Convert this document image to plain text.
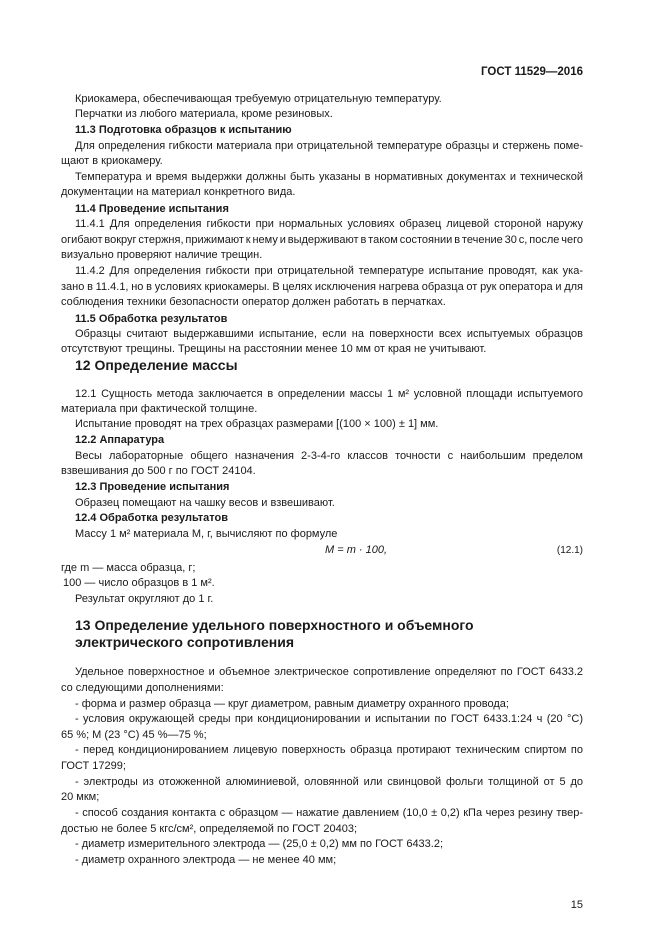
ГОСТ 11529—2016
Криокамера, обеспечивающая требуемую отрицательную температуру.
Перчатки из любого материала, кроме резиновых.
11.3 Подготовка образцов к испытанию
Для определения гибкости материала при отрицательной температуре образцы и стержень поме-
щают в криокамеру.
Температура и время выдержки должны быть указаны в нормативных документах и технической
документации на материал конкретного вида.
11.4 Проведение испытания
11.4.1 Для определения гибкости при нормальных условиях образец лицевой стороной наружу
огибают вокруг стержня, прижимают к нему и выдерживают в таком состоянии в течение 30 с, после чего
визуально проверяют наличие трещин.
11.4.2 Для определения гибкости при отрицательной температуре испытание проводят, как ука-
зано в 11.4.1, но в условиях криокамеры. В целях исключения нагрева образца от рук оператора и для
соблюдения техники безопасности оператор должен работать в перчатках.
11.5 Обработка результатов
Образцы считают выдержавшими испытание, если на поверхности всех испытуемых образцов
отсутствуют трещины. Трещины на расстоянии менее 10 мм от края не учитывают.
12 Определение массы
12.1 Сущность метода заключается в определении массы 1 м² условной площади испытуемого
материала при фактической толщине.
Испытание проводят на трех образцах размерами [(100 × 100) ± 1] мм.
12.2 Аппаратура
Весы лабораторные общего назначения 2-3-4-го классов точности с наибольшим пределом
взвешивания до 500 г по ГОСТ 24104.
12.3 Проведение испытания
Образец помещают на чашку весов и взвешивают.
12.4 Обработка результатов
Массу 1 м² материала M, г, вычисляют по формуле
M = m · 100,	(12.1)
где m — масса образца, г;
100 — число образцов в 1 м².
Результат округляют до 1 г.
13 Определение удельного поверхностного и объемного
электрического сопротивления
Удельное поверхностное и объемное электрическое сопротивление определяют по ГОСТ 6433.2
со следующими дополнениями:
- форма и размер образца — круг диаметром, равным диаметру охранного провода;
- условия окружающей среды при кондиционировании и испытании по ГОСТ 6433.1:24 ч (20 °С)
65 %; М (23 °С) 45 %—75 %;
- перед кондиционированием лицевую поверхность образца протирают техническим спиртом по
ГОСТ 17299;
- электроды из отожженной алюминиевой, оловянной или свинцовой фольги толщиной от 5 до
20 мкм;
- способ создания контакта с образцом — нажатие давлением (10,0 ± 0,2) кПа через резину твер-
достью не более 5 кгс/см², определяемой по ГОСТ 20403;
- диаметр измерительного электрода — (25,0 ± 0,2) мм по ГОСТ 6433.2;
- диаметр охранного электрода — не менее 40 мм;
15
